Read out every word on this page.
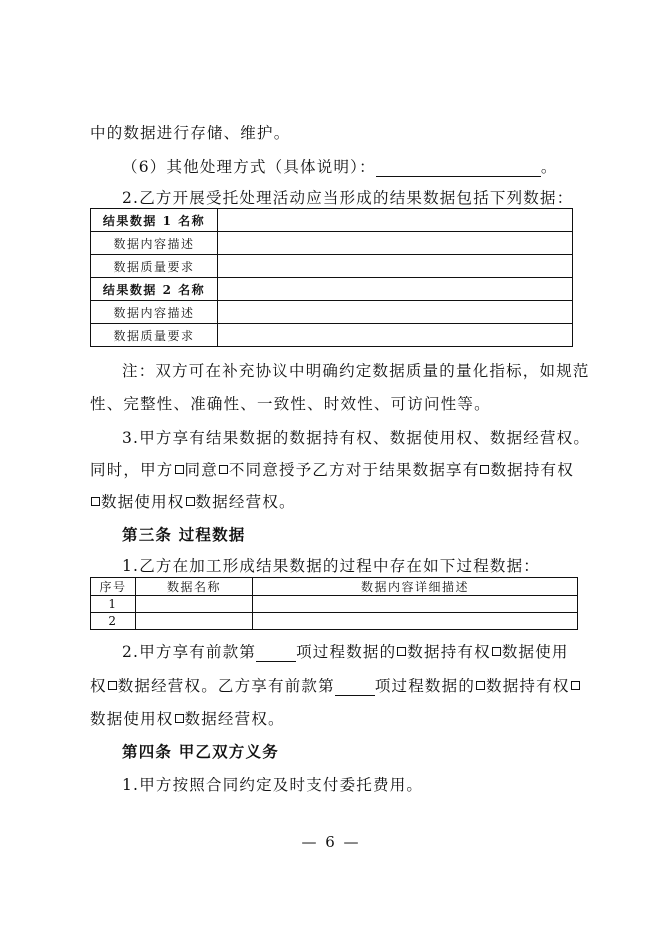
中的数据进行存储、维护。
（6）其他处理方式（具体说明）：	。
2.乙方开展受托处理活动应当形成的结果数据包括下列数据：
结果数据 1 名称	
数据内容描述	
数据质量要求	
结果数据 2 名称	
数据内容描述	
数据质量要求	
注：双方可在补充协议中明确约定数据质量的量化指标，如规范
性、完整性、准确性、一致性、时效性、可访问性等。
3.甲方享有结果数据的数据持有权、数据使用权、数据经营权。
同时，甲方 同意 不同意授予乙方对于结果数据享有 数据持有权
数据使用权 数据经营权。
第三条 过程数据
1.乙方在加工形成结果数据的过程中存在如下过程数据：
序号	数据名称	数据内容详细描述
1		
2		
2.甲方享有前款第	项过程数据的 数据持有权 数据使用
权 数据经营权。乙方享有前款第	项过程数据的 数据持有权
数据使用权 数据经营权。
第四条 甲乙双方义务
1.甲方按照合同约定及时支付委托费用。
— 6 —
